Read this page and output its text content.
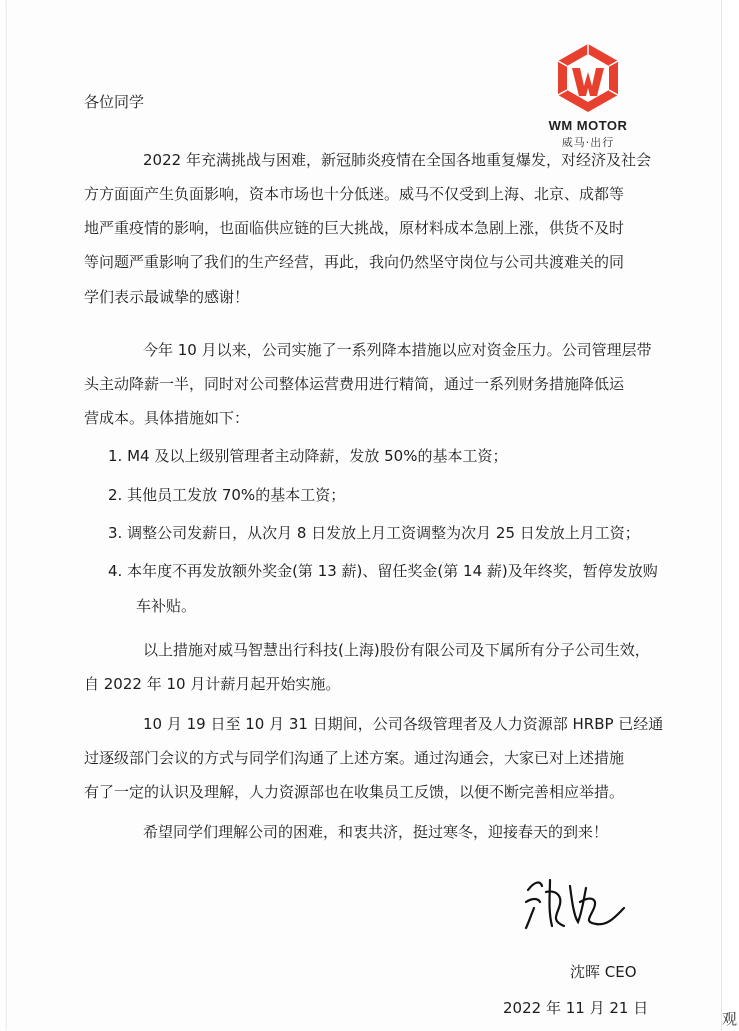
观
WM MOTOR
威马·出行
各位同学
2022 年充满挑战与困难，新冠肺炎疫情在全国各地重复爆发，对经济及社会
方方面面产生负面影响，资本市场也十分低迷。威马不仅受到上海、北京、成都等
地严重疫情的影响，也面临供应链的巨大挑战，原材料成本急剧上涨，供货不及时
等问题严重影响了我们的生产经营，再此，我向仍然坚守岗位与公司共渡难关的同
学们表示最诚挚的感谢！
今年 10 月以来，公司实施了一系列降本措施以应对资金压力。公司管理层带
头主动降薪一半，同时对公司整体运营费用进行精简，通过一系列财务措施降低运
营成本。具体措施如下：
1. M4 及以上级别管理者主动降薪，发放 50%的基本工资；
2. 其他员工发放 70%的基本工资；
3. 调整公司发薪日，从次月 8 日发放上月工资调整为次月 25 日发放上月工资；
4. 本年度不再发放额外奖金(第 13 薪)、留任奖金(第 14 薪)及年终奖，暂停发放购
车补贴。
以上措施对威马智慧出行科技(上海)股份有限公司及下属所有分子公司生效，
自 2022 年 10 月计薪月起开始实施。
10 月 19 日至 10 月 31 日期间，公司各级管理者及人力资源部 HRBP 已经通
过逐级部门会议的方式与同学们沟通了上述方案。通过沟通会，大家已对上述措施
有了一定的认识及理解，人力资源部也在收集员工反馈，以便不断完善相应举措。
希望同学们理解公司的困难，和衷共济，挺过寒冬，迎接春天的到来！
沈晖 CEO
2022 年 11 月 21 日
